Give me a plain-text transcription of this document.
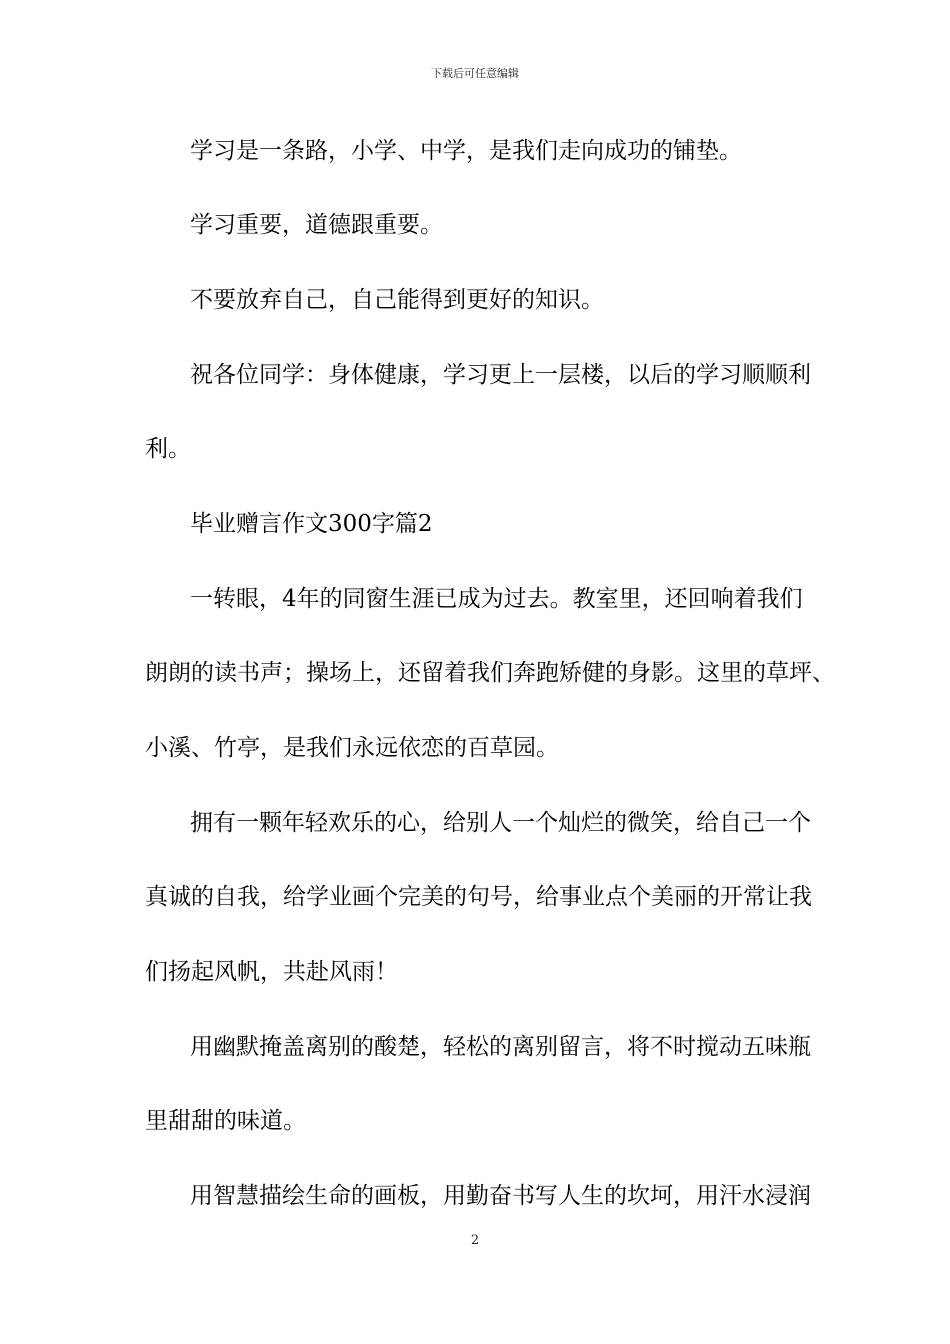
下载后可任意编辑
学习是一条路，小学、中学，是我们走向成功的铺垫。
学习重要，道德跟重要。
不要放弃自己，自己能得到更好的知识。
祝各位同学：身体健康，学习更上一层楼，以后的学习顺顺利
利。
毕业赠言作文300字篇2
一转眼，4年的同窗生涯已成为过去。教室里，还回响着我们
朗朗的读书声；操场上，还留着我们奔跑矫健的身影。这里的草坪、
小溪、竹亭，是我们永远依恋的百草园。
拥有一颗年轻欢乐的心，给别人一个灿烂的微笑，给自己一个
真诚的自我，给学业画个完美的句号，给事业点个美丽的开常让我
们扬起风帆，共赴风雨！
用幽默掩盖离别的酸楚，轻松的离别留言，将不时搅动五味瓶
里甜甜的味道。
用智慧描绘生命的画板，用勤奋书写人生的坎坷，用汗水浸润
2
